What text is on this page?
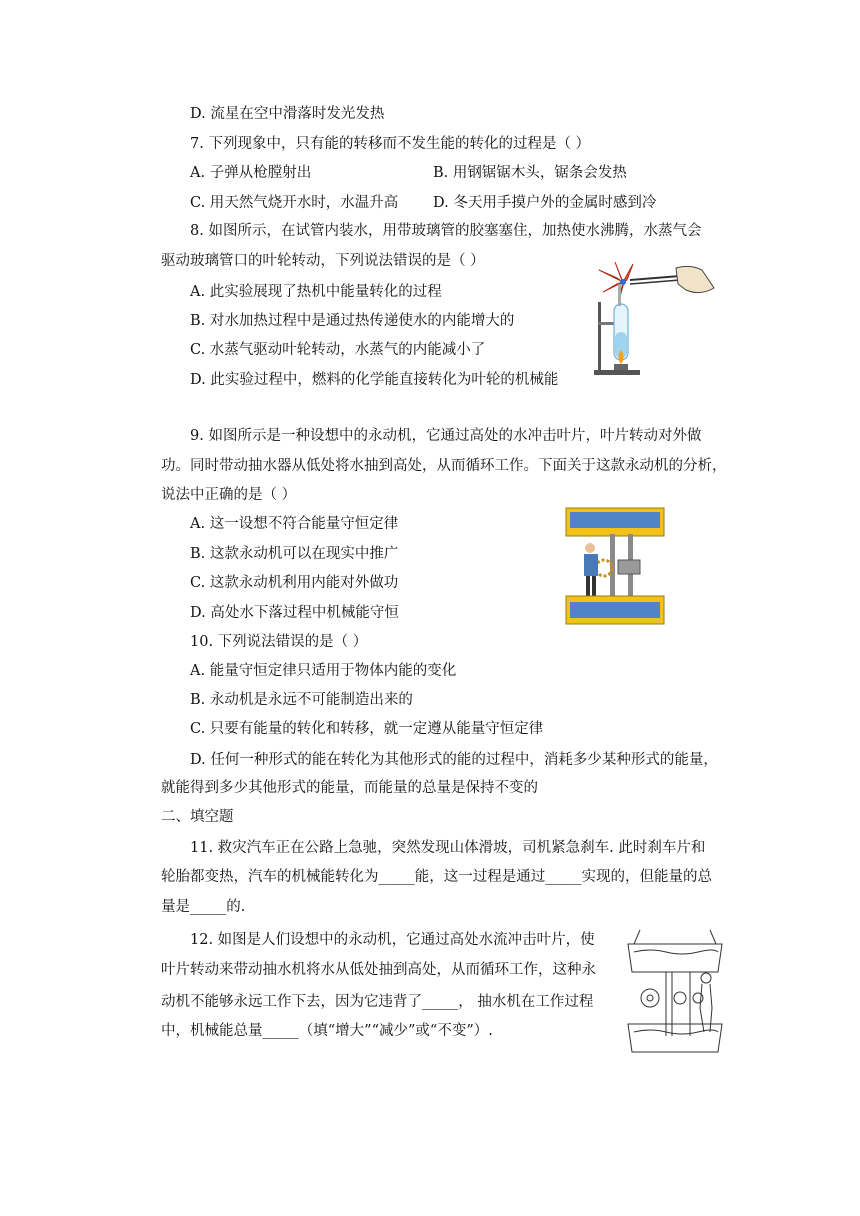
D. 流星在空中滑落时发光发热
7. 下列现象中，只有能的转移而不发生能的转化的过程是（ ）
A. 子弹从枪膛射出	B. 用钢锯锯木头，锯条会发热
C. 用天然气烧开水时，水温升高 D. 冬天用手摸户外的金属时感到冷
8. 如图所示，在试管内装水，用带玻璃管的胶塞塞住，加热使水沸腾，水蒸气会
驱动玻璃管口的叶轮转动，下列说法错误的是（ ）
A. 此实验展现了热机中能量转化的过程
B. 对水加热过程中是通过热传递使水的内能增大的
C. 水蒸气驱动叶轮转动，水蒸气的内能减小了
D. 此实验过程中，燃料的化学能直接转化为叶轮的机械能
9. 如图所示是一种设想中的永动机，它通过高处的水冲击叶片，叶片转动对外做
功。同时带动抽水器从低处将水抽到高处，从而循环工作。下面关于这款永动机的分析，
说法中正确的是（ ）
A. 这一设想不符合能量守恒定律
B. 这款永动机可以在现实中推广
C. 这款永动机利用内能对外做功
D. 高处水下落过程中机械能守恒
10. 下列说法错误的是（ ）
A. 能量守恒定律只适用于物体内能的变化
B. 永动机是永远不可能制造出来的
C. 只要有能量的转化和转移，就一定遵从能量守恒定律
D. 任何一种形式的能在转化为其他形式的能的过程中，消耗多少某种形式的能量，
就能得到多少其他形式的能量，而能量的总量是保持不变的
二、填空题
11. 救灾汽车正在公路上急驰，突然发现山体滑坡，司机紧急刹车. 此时刹车片和
轮胎都变热，汽车的机械能转化为_____能，这一过程是通过_____实现的，但能量的总
量是_____的.
12. 如图是人们设想中的永动机，它通过高处水流冲击叶片，使
叶片转动来带动抽水机将水从低处抽到高处，从而循环工作，这种永
动机不能够永远工作下去，因为它违背了_____， 抽水机在工作过程
中，机械能总量_____（填“增大”“减少”或“不变”）.
